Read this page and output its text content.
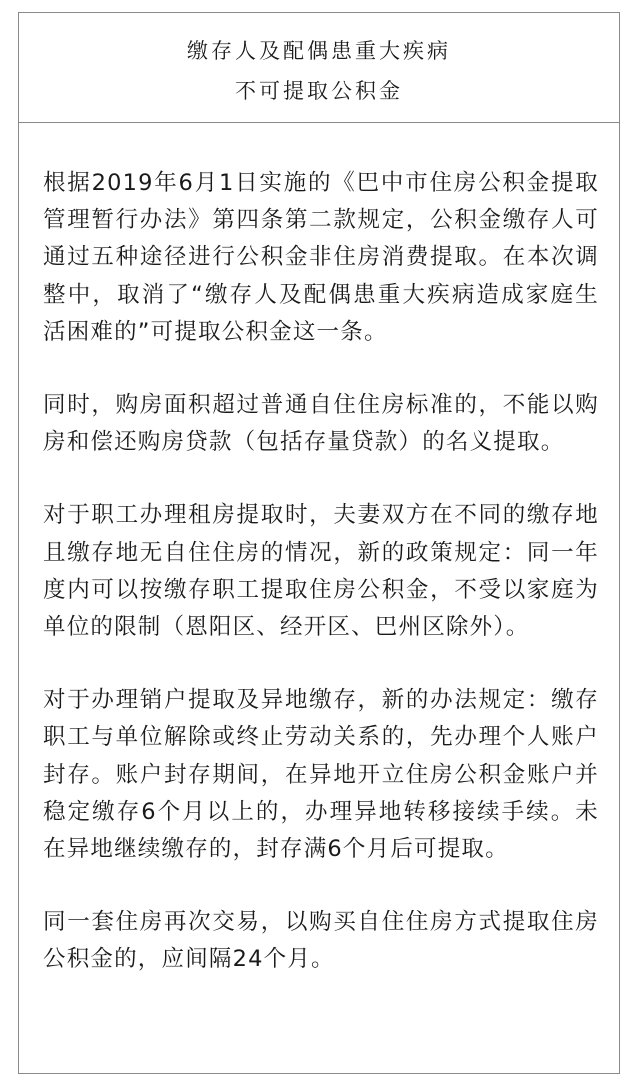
缴存人及配偶患重大疾病
不可提取公积金

根据2019年6月1日实施的《巴中市住房公积金提取管理暂行办法》第四条第二款规定，公积金缴存人可通过五种途径进行公积金非住房消费提取。在本次调整中，取消了“缴存人及配偶患重大疾病造成家庭生活困难的”可提取公积金这一条。

同时，购房面积超过普通自住住房标准的，不能以购房和偿还购房贷款（包括存量贷款）的名义提取。

对于职工办理租房提取时，夫妻双方在不同的缴存地且缴存地无自住住房的情况，新的政策规定：同一年度内可以按缴存职工提取住房公积金，不受以家庭为单位的限制（恩阳区、经开区、巴州区除外）。

对于办理销户提取及异地缴存，新的办法规定：缴存职工与单位解除或终止劳动关系的，先办理个人账户封存。账户封存期间，在异地开立住房公积金账户并稳定缴存6个月以上的，办理异地转移接续手续。未在异地继续缴存的，封存满6个月后可提取。

同一套住房再次交易，以购买自住住房方式提取住房公积金的，应间隔24个月。
